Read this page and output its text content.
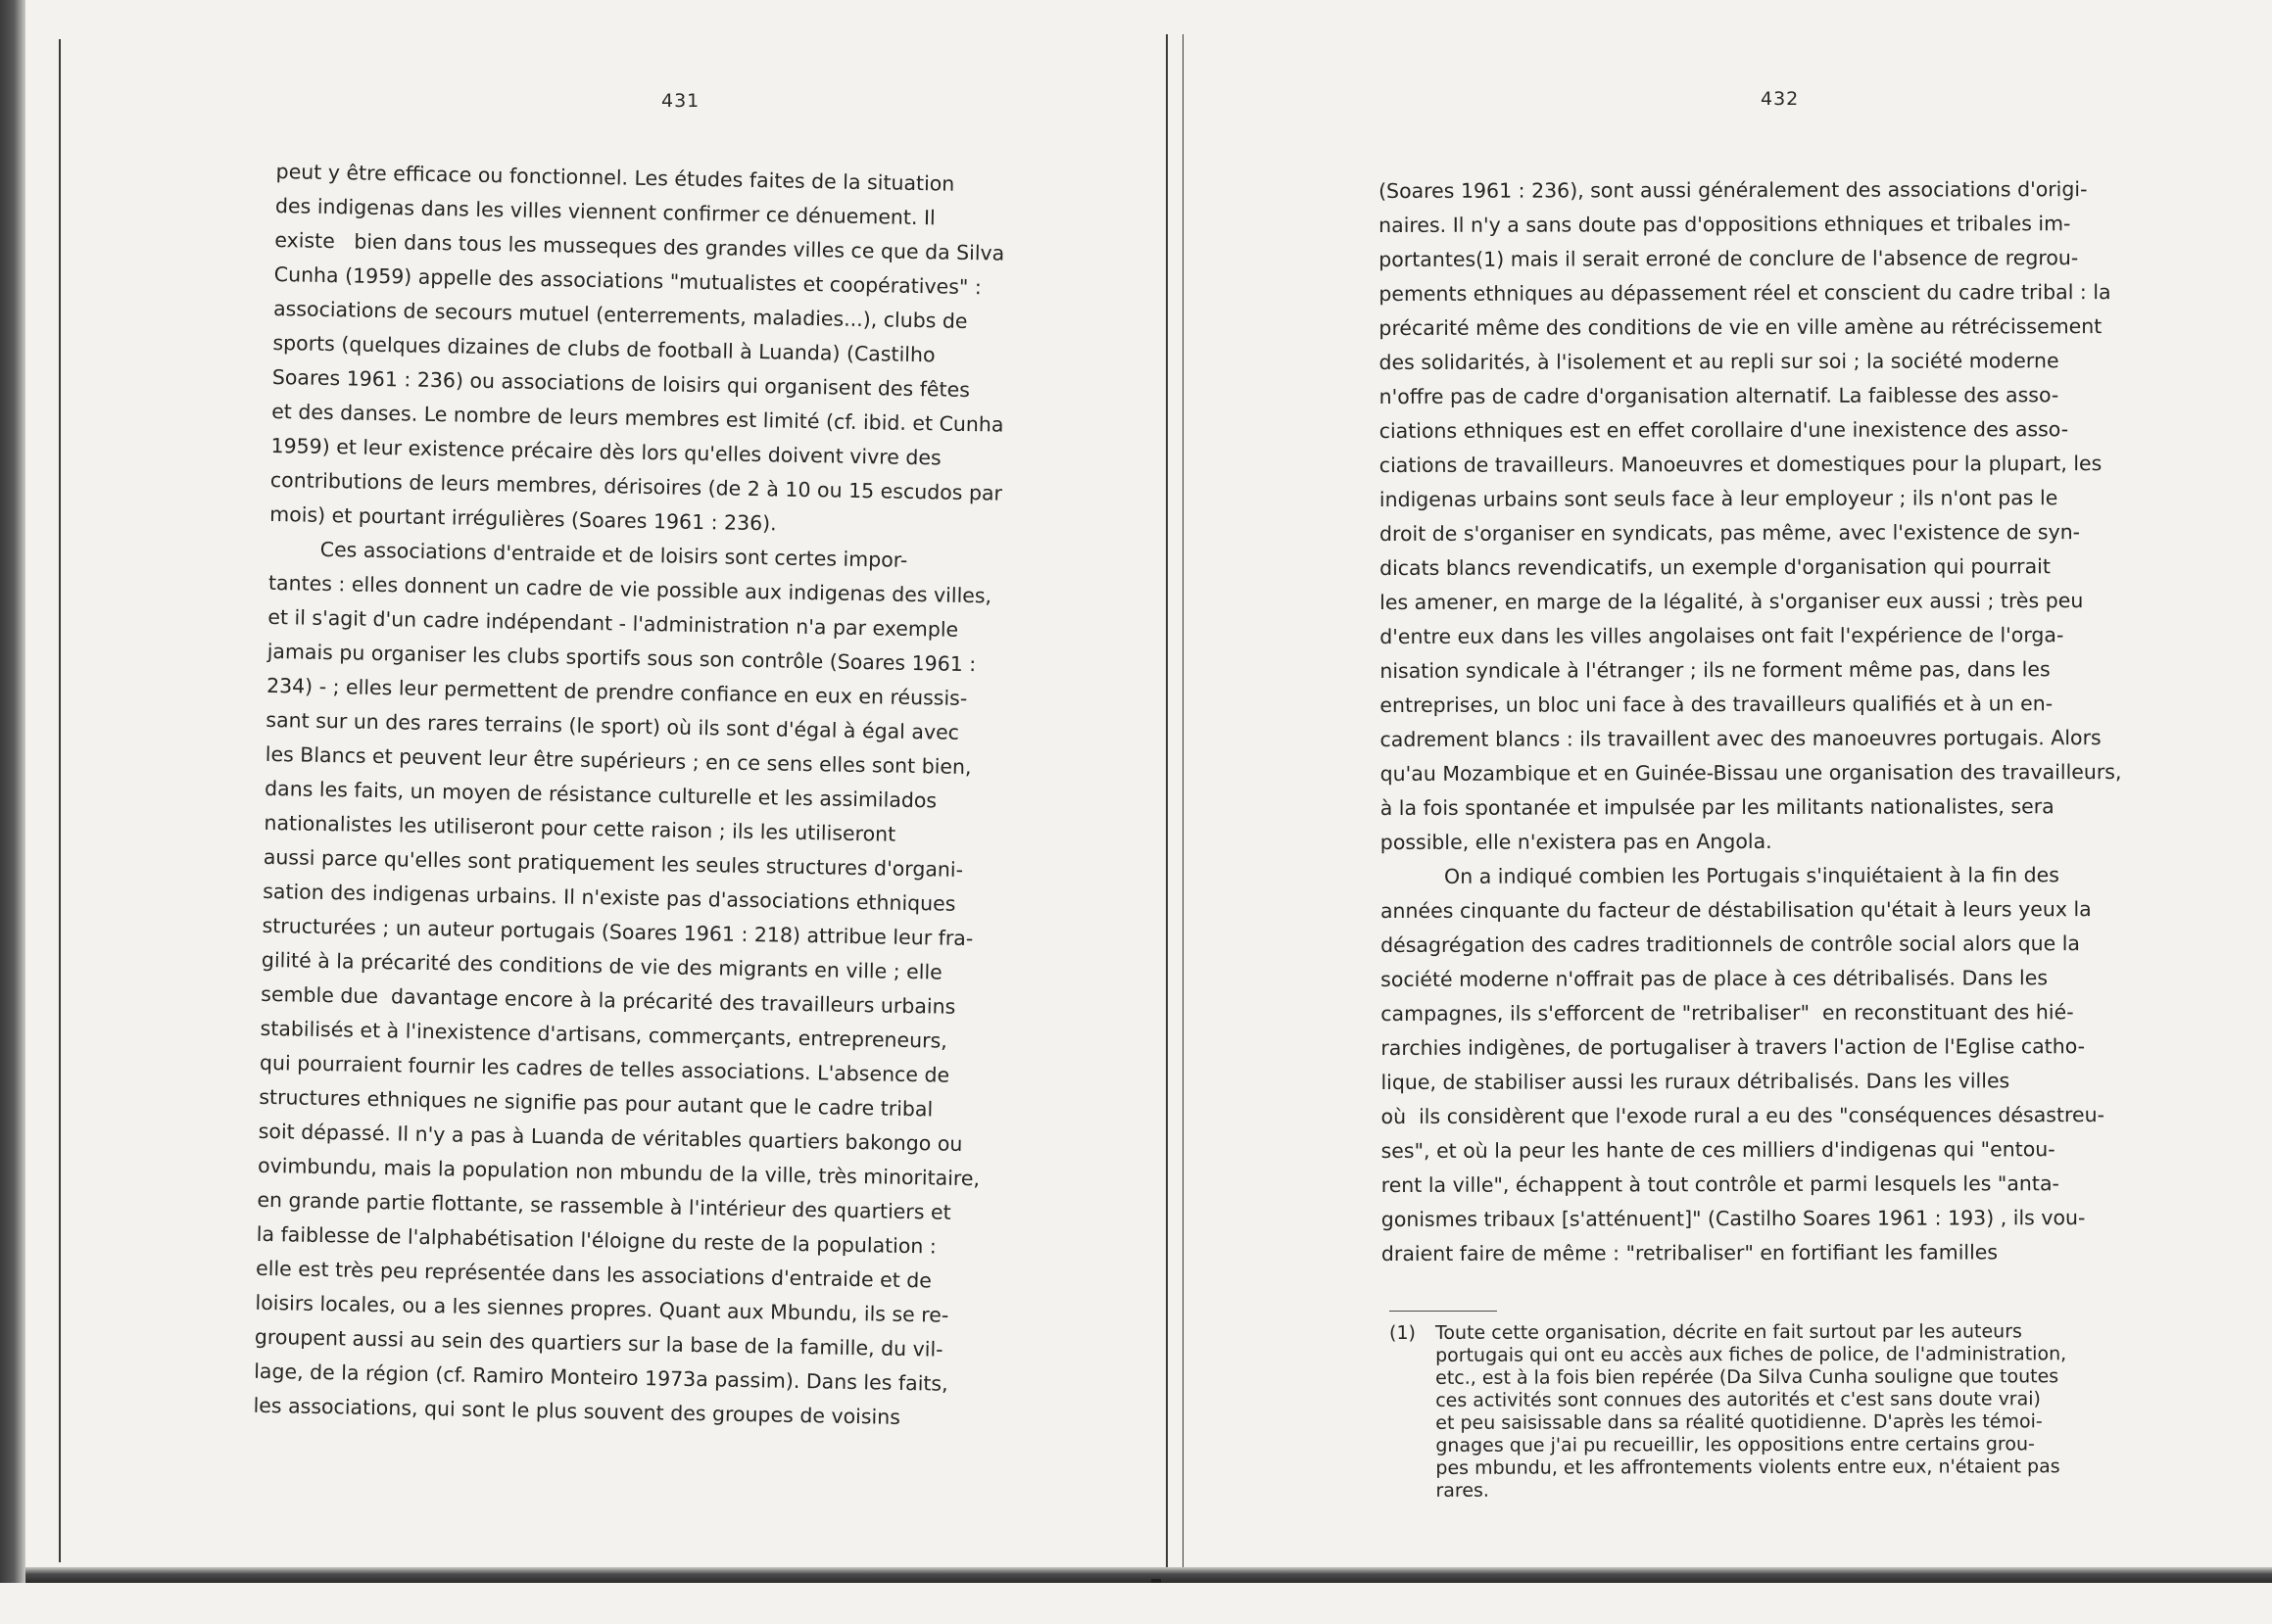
431	432
peut y être efficace ou fonctionnel. Les études faites de la situation
des indigenas dans les villes viennent confirmer ce dénuement. Il
existe   bien dans tous les musseques des grandes villes ce que da Silva
Cunha (1959) appelle des associations "mutualistes et coopératives" :
associations de secours mutuel (enterrements, maladies...), clubs de
sports (quelques dizaines de clubs de football à Luanda) (Castilho
Soares 1961 : 236) ou associations de loisirs qui organisent des fêtes
et des danses. Le nombre de leurs membres est limité (cf. ibid. et Cunha
1959) et leur existence précaire dès lors qu'elles doivent vivre des
contributions de leurs membres, dérisoires (de 2 à 10 ou 15 escudos par
mois) et pourtant irrégulières (Soares 1961 : 236).
Ces associations d'entraide et de loisirs sont certes impor-
tantes : elles donnent un cadre de vie possible aux indigenas des villes,
et il s'agit d'un cadre indépendant - l'administration n'a par exemple
jamais pu organiser les clubs sportifs sous son contrôle (Soares 1961 :
234) - ; elles leur permettent de prendre confiance en eux en réussis-
sant sur un des rares terrains (le sport) où ils sont d'égal à égal avec
les Blancs et peuvent leur être supérieurs ; en ce sens elles sont bien,
dans les faits, un moyen de résistance culturelle et les assimilados
nationalistes les utiliseront pour cette raison ; ils les utiliseront
aussi parce qu'elles sont pratiquement les seules structures d'organi-
sation des indigenas urbains. Il n'existe pas d'associations ethniques
structurées ; un auteur portugais (Soares 1961 : 218) attribue leur fra-
gilité à la précarité des conditions de vie des migrants en ville ; elle
semble due  davantage encore à la précarité des travailleurs urbains
stabilisés et à l'inexistence d'artisans, commerçants, entrepreneurs,
qui pourraient fournir les cadres de telles associations. L'absence de
structures ethniques ne signifie pas pour autant que le cadre tribal
soit dépassé. Il n'y a pas à Luanda de véritables quartiers bakongo ou
ovimbundu, mais la population non mbundu de la ville, très minoritaire,
en grande partie flottante, se rassemble à l'intérieur des quartiers et
la faiblesse de l'alphabétisation l'éloigne du reste de la population :
elle est très peu représentée dans les associations d'entraide et de
loisirs locales, ou a les siennes propres. Quant aux Mbundu, ils se re-
groupent aussi au sein des quartiers sur la base de la famille, du vil-
lage, de la région (cf. Ramiro Monteiro 1973a passim). Dans les faits,
les associations, qui sont le plus souvent des groupes de voisins
(Soares 1961 : 236), sont aussi généralement des associations d'origi-
naires. Il n'y a sans doute pas d'oppositions ethniques et tribales im-
portantes(1) mais il serait erroné de conclure de l'absence de regrou-
pements ethniques au dépassement réel et conscient du cadre tribal : la
précarité même des conditions de vie en ville amène au rétrécissement
des solidarités, à l'isolement et au repli sur soi ; la société moderne
n'offre pas de cadre d'organisation alternatif. La faiblesse des asso-
ciations ethniques est en effet corollaire d'une inexistence des asso-
ciations de travailleurs. Manoeuvres et domestiques pour la plupart, les
indigenas urbains sont seuls face à leur employeur ; ils n'ont pas le
droit de s'organiser en syndicats, pas même, avec l'existence de syn-
dicats blancs revendicatifs, un exemple d'organisation qui pourrait
les amener, en marge de la légalité, à s'organiser eux aussi ; très peu
d'entre eux dans les villes angolaises ont fait l'expérience de l'orga-
nisation syndicale à l'étranger ; ils ne forment même pas, dans les
entreprises, un bloc uni face à des travailleurs qualifiés et à un en-
cadrement blancs : ils travaillent avec des manoeuvres portugais. Alors
qu'au Mozambique et en Guinée-Bissau une organisation des travailleurs,
à la fois spontanée et impulsée par les militants nationalistes, sera
possible, elle n'existera pas en Angola.
On a indiqué combien les Portugais s'inquiétaient à la fin des
années cinquante du facteur de déstabilisation qu'était à leurs yeux la
désagrégation des cadres traditionnels de contrôle social alors que la
société moderne n'offrait pas de place à ces détribalisés. Dans les
campagnes, ils s'efforcent de "retribaliser"  en reconstituant des hié-
rarchies indigènes, de portugaliser à travers l'action de l'Eglise catho-
lique, de stabiliser aussi les ruraux détribalisés. Dans les villes
où  ils considèrent que l'exode rural a eu des "conséquences désastreu-
ses", et où la peur les hante de ces milliers d'indigenas qui "entou-
rent la ville", échappent à tout contrôle et parmi lesquels les "anta-
gonismes tribaux [s'atténuent]" (Castilho Soares 1961 : 193) , ils vou-
draient faire de même : "retribaliser" en fortifiant les familles

(1)

Toute cette organisation, décrite en fait surtout par les auteurs
portugais qui ont eu accès aux fiches de police, de l'administration,
etc., est à la fois bien repérée (Da Silva Cunha souligne que toutes
ces activités sont connues des autorités et c'est sans doute vrai)
et peu saisissable dans sa réalité quotidienne. D'après les témoi-
gnages que j'ai pu recueillir, les oppositions entre certains grou-
pes mbundu, et les affrontements violents entre eux, n'étaient pas
rares.
